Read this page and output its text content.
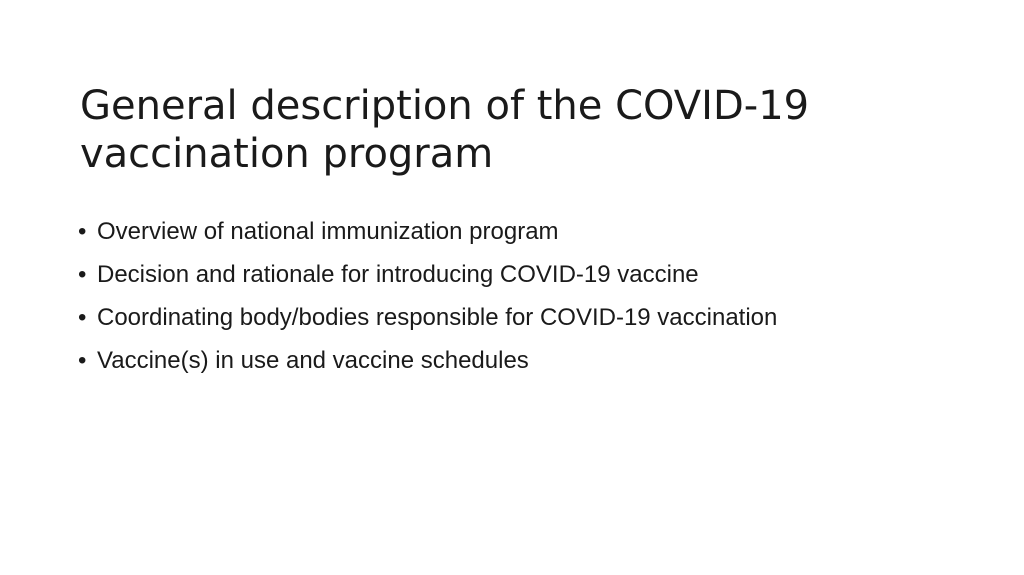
General description of the COVID-19
vaccination program
• Overview of national immunization program
• Decision and rationale for introducing COVID-19 vaccine
• Coordinating body/bodies responsible for COVID-19 vaccination
• Vaccine(s) in use and vaccine schedules
